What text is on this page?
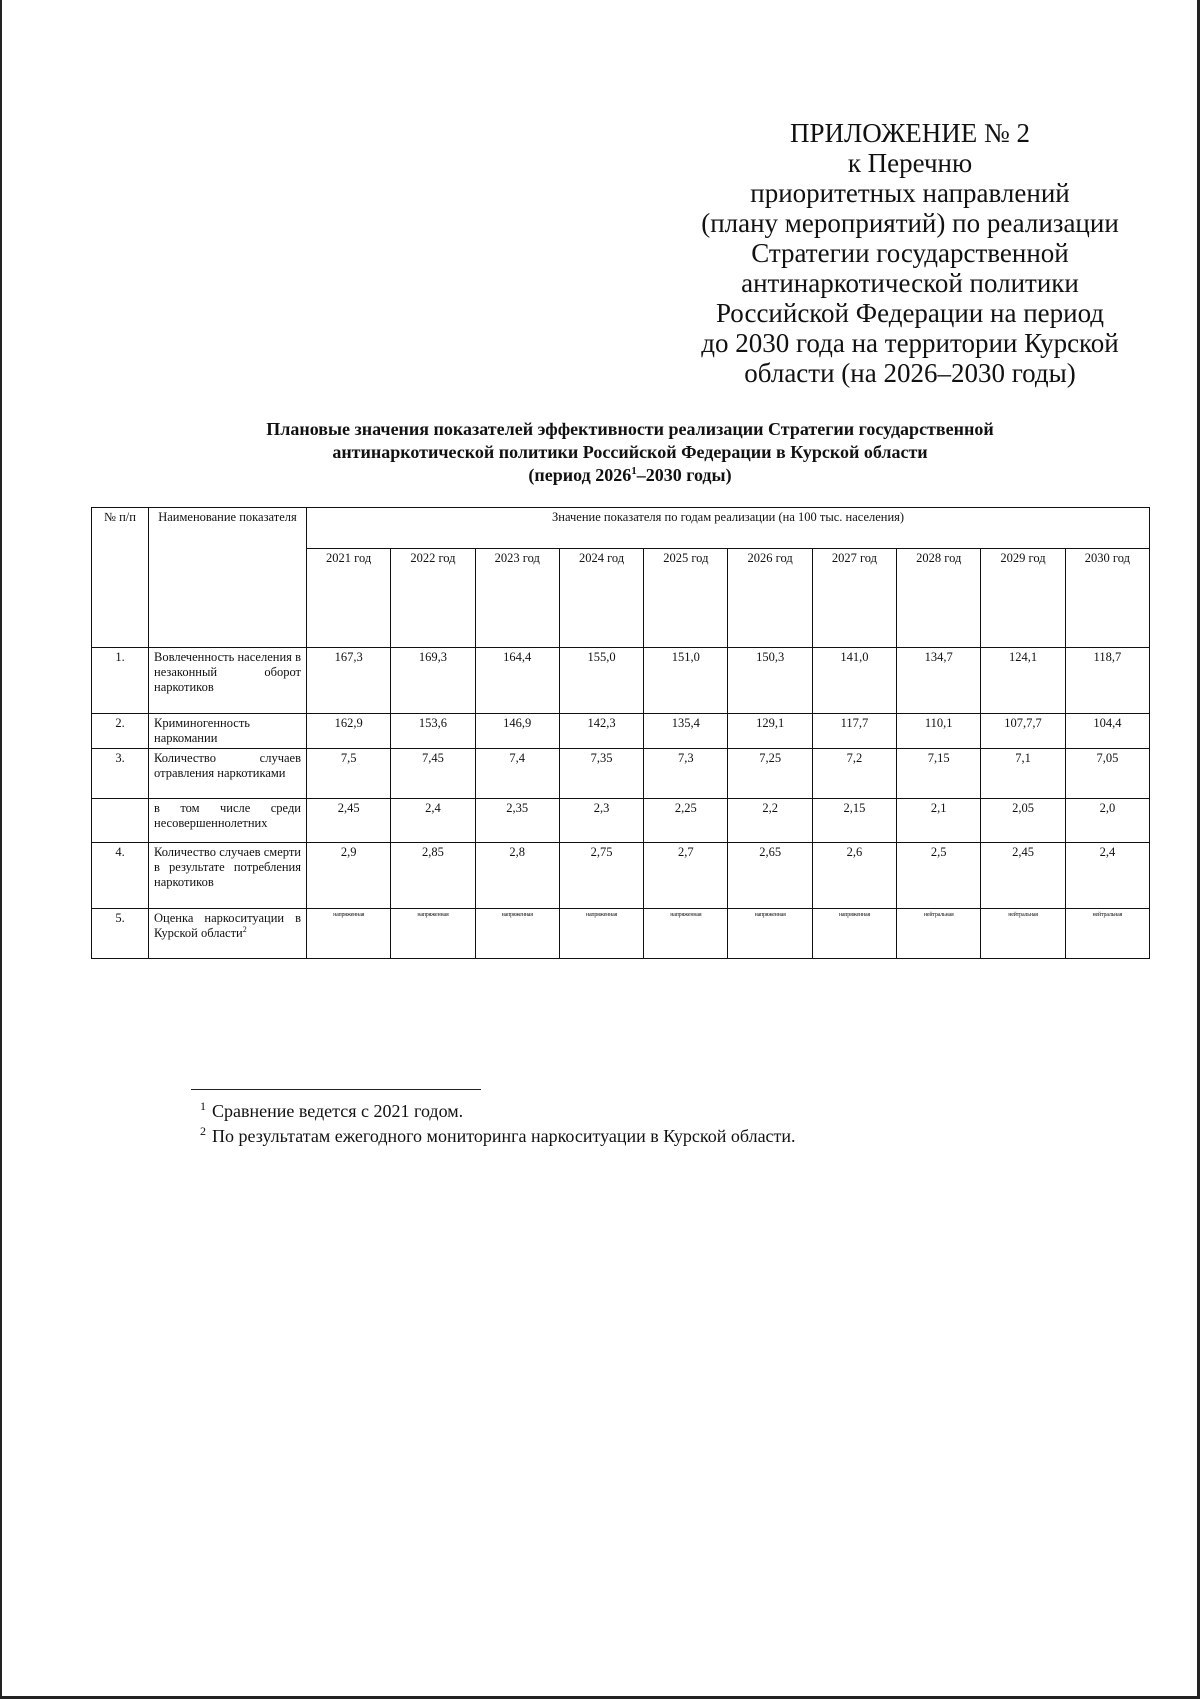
ПРИЛОЖЕНИЕ № 2
к Перечню
приоритетных направлений
(плану мероприятий) по реализации
Стратегии государственной
антинаркотической политики
Российской Федерации на период
до 2030 года на территории Курской
области (на 2026–2030 годы)
Плановые значения показателей эффективности реализации Стратегии государственной
антинаркотической политики Российской Федерации в Курской области
(период 2026$^1$–2030 годы)
№ п/п	Наименование показателя	Значение показателя по годам реализации (на 100 тыс. населения)									
		2021 год	2022 год	2023 год	2024 год	2025 год	2026 год	2027 год	2028 год	2029 год	2030 год
1.	Вовлеченность населения в незаконный оборот наркотиков	167,3	169,3	164,4	155,0	151,0	150,3	141,0	134,7	124,1	118,7
2.	Криминогенность наркомании	162,9	153,6	146,9	142,3	135,4	129,1	117,7	110,1	107,7,7	104,4
3.	Количество случаев отравления наркотиками	7,5	7,45	7,4	7,35	7,3	7,25	7,2	7,15	7,1	7,05
	в том числе среди несовершеннолетних	2,45	2,4	2,35	2,3	2,25	2,2	2,15	2,1	2,05	2,0
4.	Количество случаев смерти в результате потребления наркотиков	2,9	2,85	2,8	2,75	2,7	2,65	2,6	2,5	2,45	2,4
5.	Оценка наркоситуации в Курской области$^2$	напряженная	напряженная	напряженная	напряженная	напряженная	напряженная	напряженная	нейтральная	нейтральная	нейтральная
$^1$ Сравнение ведется с 2021 годом.
$^2$ По результатам ежегодного мониторинга наркоситуации в Курской области.
